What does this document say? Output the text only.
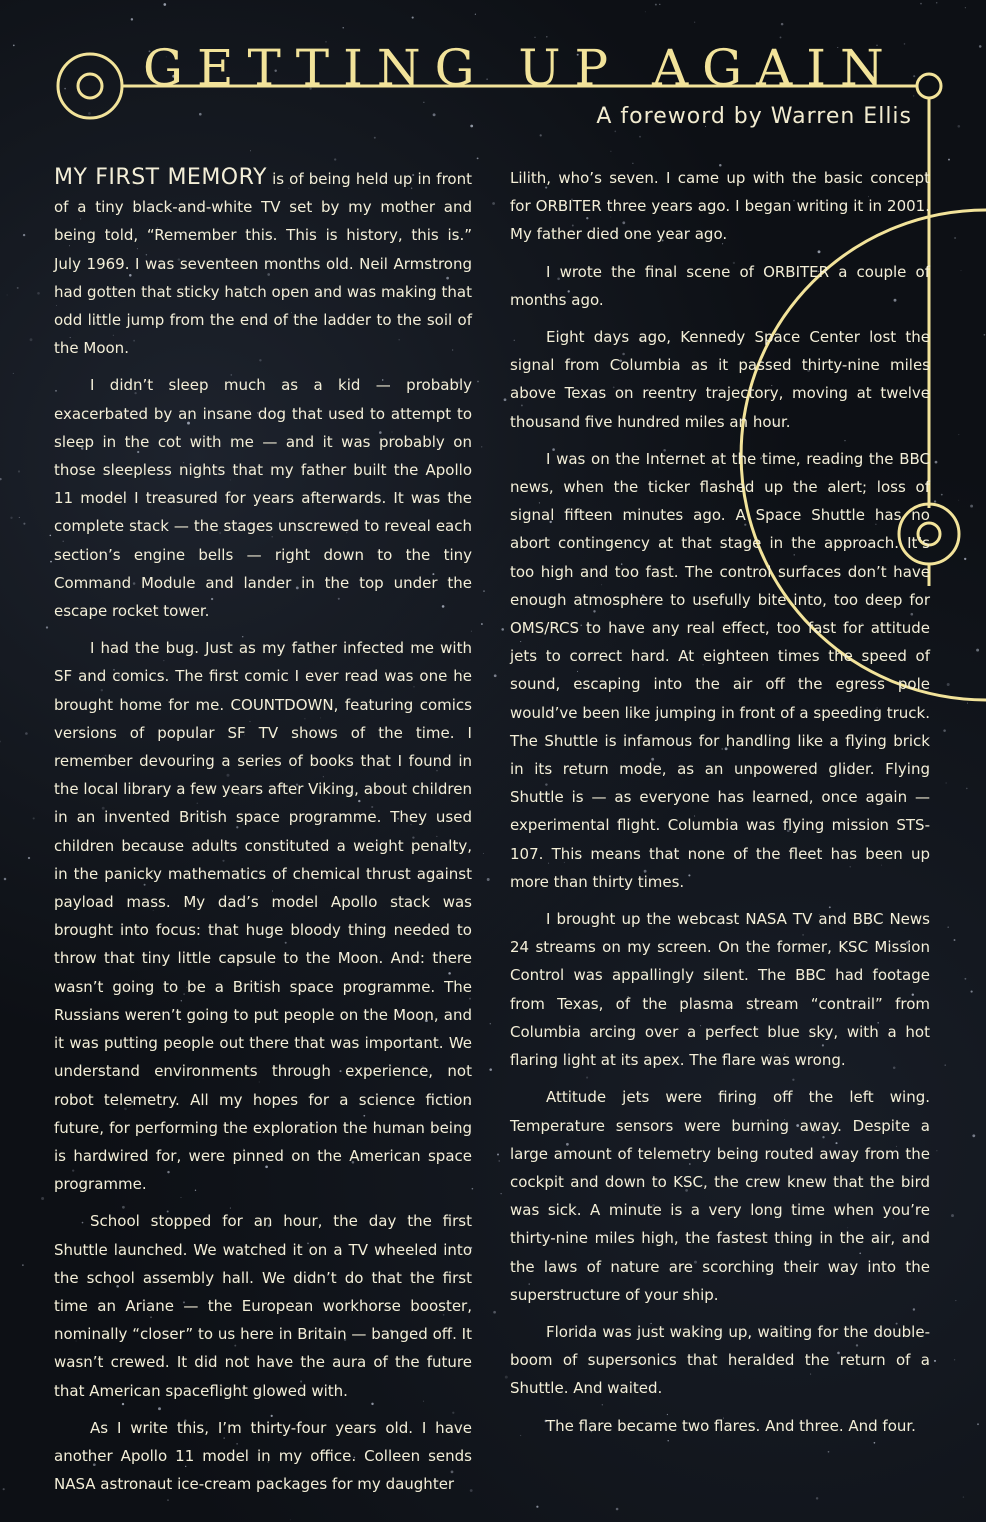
GETTING UP AGAIN
A foreword by Warren Ellis

MY FIRST MEMORY is of being held up in front of a tiny black-and-white TV set by my mother and being told, “Remember this. This is history, this is.” July 1969. I was seventeen months old. Neil Armstrong had gotten that sticky hatch open and was making that odd little jump from the end of the ladder to the soil of the Moon.

I didn’t sleep much as a kid — probably exacerbated by an insane dog that used to attempt to sleep in the cot with me — and it was probably on those sleepless nights that my father built the Apollo 11 model I treasured for years afterwards. It was the complete stack — the stages unscrewed to reveal each section’s engine bells — right down to the tiny Command Module and lander in the top under the escape rocket tower.

I had the bug. Just as my father infected me with SF and comics. The first comic I ever read was one he brought home for me. COUNTDOWN, featuring comics versions of popular SF TV shows of the time. I remember devouring a series of books that I found in the local library a few years after Viking, about children in an invented British space programme. They used children because adults constituted a weight penalty, in the panicky mathematics of chemical thrust against payload mass. My dad’s model Apollo stack was brought into focus: that huge bloody thing needed to throw that tiny little capsule to the Moon. And: there wasn’t going to be a British space programme. The Russians weren’t going to put people on the Moon, and it was putting people out there that was important. We understand environments through experience, not robot telemetry. All my hopes for a science fiction future, for performing the exploration the human being is hardwired for, were pinned on the American space programme.

School stopped for an hour, the day the first Shuttle launched. We watched it on a TV wheeled into the school assembly hall. We didn’t do that the first time an Ariane — the European workhorse booster, nominally “closer” to us here in Britain — banged off. It wasn’t crewed. It did not have the aura of the future that American spaceflight glowed with.

As I write this, I’m thirty-four years old. I have another Apollo 11 model in my office. Colleen sends NASA astronaut ice-cream packages for my daughter

Lilith, who’s seven. I came up with the basic concept for ORBITER three years ago. I began writing it in 2001. My father died one year ago.

I wrote the final scene of ORBITER a couple of months ago.

Eight days ago, Kennedy Space Center lost the signal from Columbia as it passed thirty-nine miles above Texas on reentry trajectory, moving at twelve thousand five hundred miles an hour.

I was on the Internet at the time, reading the BBC news, when the ticker flashed up the alert; loss of signal fifteen minutes ago. A Space Shuttle has no abort contingency at that stage in the approach. It’s too high and too fast. The control surfaces don’t have enough atmosphere to usefully bite into, too deep for OMS/RCS to have any real effect, too fast for attitude jets to correct hard. At eighteen times the speed of sound, escaping into the air off the egress pole would’ve been like jumping in front of a speeding truck. The Shuttle is infamous for handling like a flying brick in its return mode, as an unpowered glider. Flying Shuttle is — as everyone has learned, once again — experimental flight. Columbia was flying mission STS-107. This means that none of the fleet has been up more than thirty times.

I brought up the webcast NASA TV and BBC News 24 streams on my screen. On the former, KSC Mission Control was appallingly silent. The BBC had footage from Texas, of the plasma stream “contrail” from Columbia arcing over a perfect blue sky, with a hot flaring light at its apex. The flare was wrong.

Attitude jets were firing off the left wing. Temperature sensors were burning away. Despite a large amount of telemetry being routed away from the cockpit and down to KSC, the crew knew that the bird was sick. A minute is a very long time when you’re thirty-nine miles high, the fastest thing in the air, and the laws of nature are scorching their way into the superstructure of your ship.

Florida was just waking up, waiting for the double-boom of supersonics that heralded the return of a Shuttle. And waited.

The flare became two flares. And three. And four.
